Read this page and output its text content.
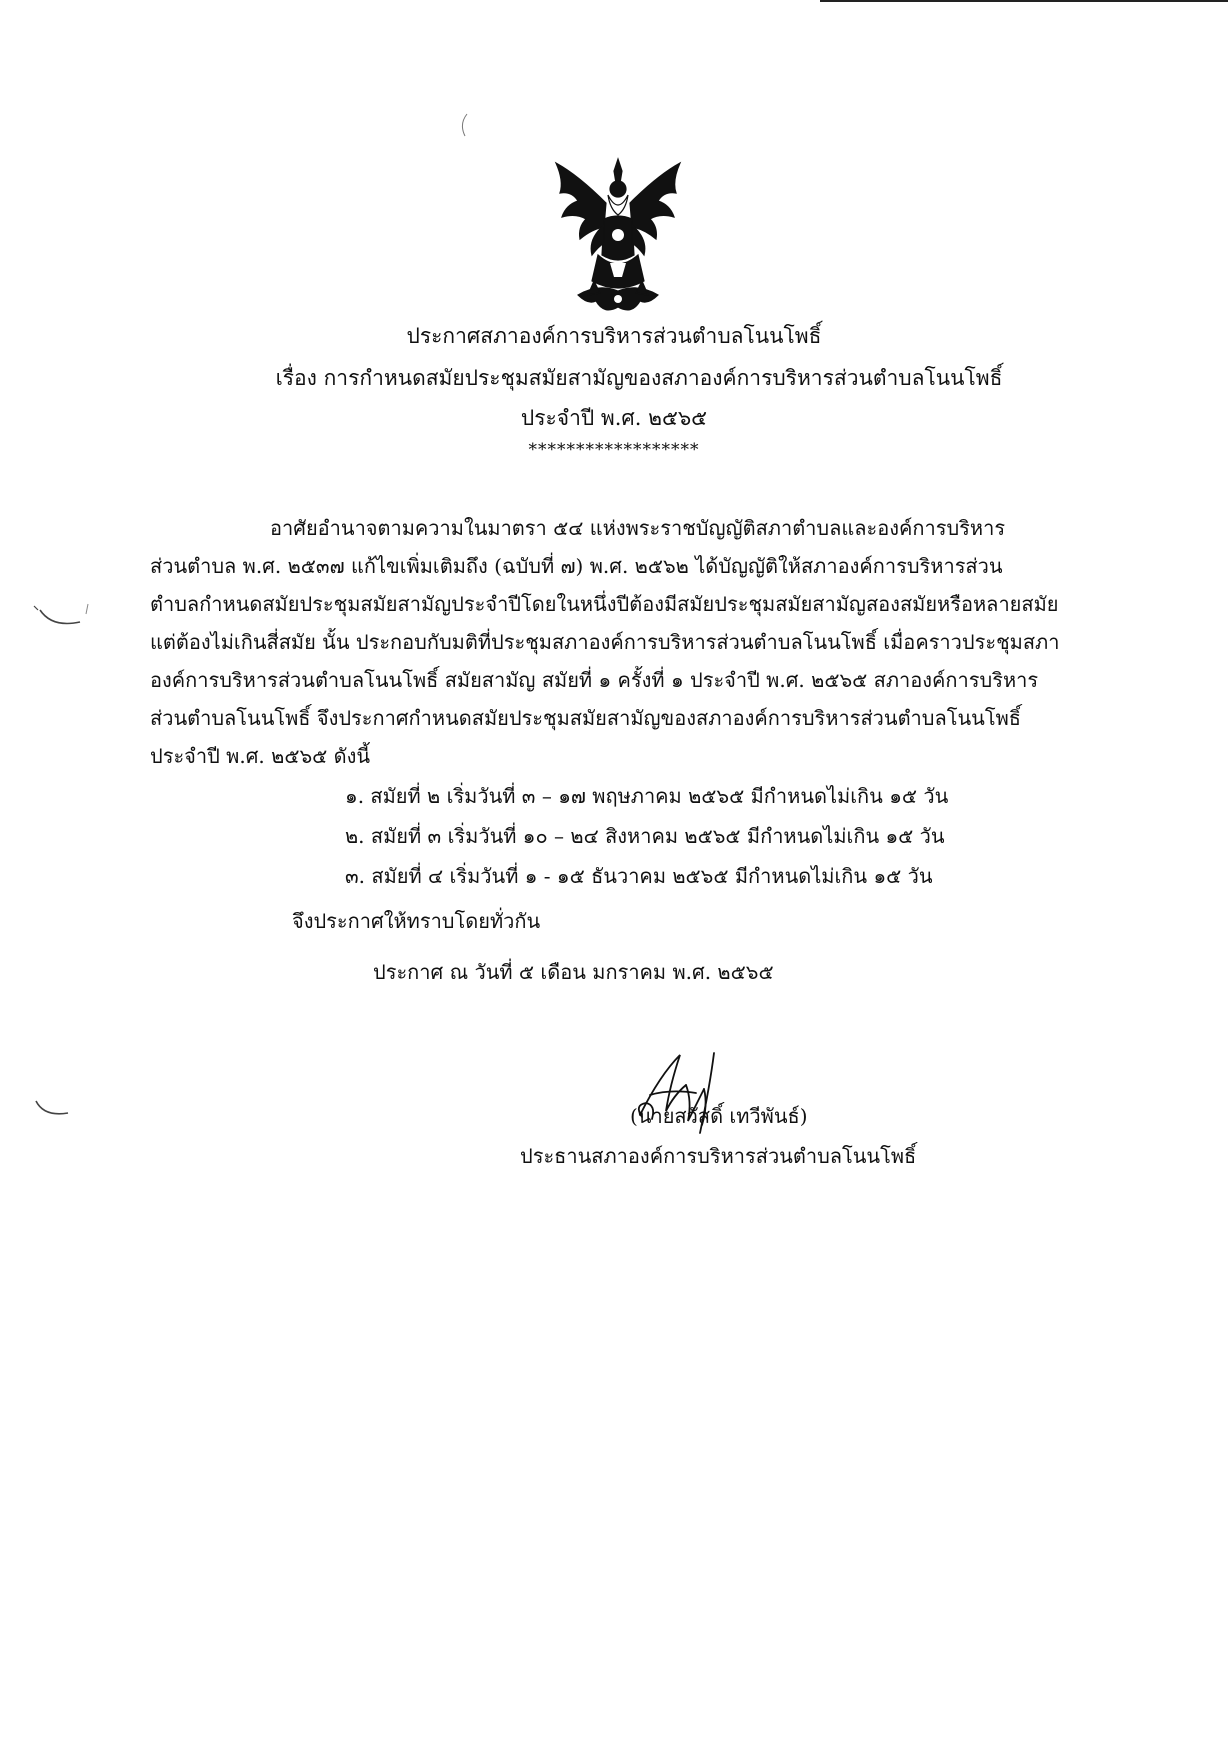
ประกาศสภาองค์การบริหารส่วนตำบลโนนโพธิ์
เรื่อง การกำหนดสมัยประชุมสมัยสามัญของสภาองค์การบริหารส่วนตำบลโนนโพธิ์
ประจำปี พ.ศ. ๒๕๖๕
******************
อาศัยอำนาจตามความในมาตรา ๕๔ แห่งพระราชบัญญัติสภาตำบลและองค์การบริหาร
ส่วนตำบล พ.ศ. ๒๕๓๗ แก้ไขเพิ่มเติมถึง (ฉบับที่ ๗) พ.ศ. ๒๕๖๒ ได้บัญญัติให้สภาองค์การบริหารส่วน
ตำบลกำหนดสมัยประชุมสมัยสามัญประจำปีโดยในหนึ่งปีต้องมีสมัยประชุมสมัยสามัญสองสมัยหรือหลายสมัย
แต่ต้องไม่เกินสี่สมัย นั้น ประกอบกับมติที่ประชุมสภาองค์การบริหารส่วนตำบลโนนโพธิ์ เมื่อคราวประชุมสภา
องค์การบริหารส่วนตำบลโนนโพธิ์ สมัยสามัญ สมัยที่ ๑ ครั้งที่ ๑ ประจำปี พ.ศ. ๒๕๖๕ สภาองค์การบริหาร
ส่วนตำบลโนนโพธิ์ จึงประกาศกำหนดสมัยประชุมสมัยสามัญของสภาองค์การบริหารส่วนตำบลโนนโพธิ์
ประจำปี พ.ศ. ๒๕๖๕ ดังนี้
๑. สมัยที่ ๒ เริ่มวันที่ ๓ – ๑๗ พฤษภาคม ๒๕๖๕ มีกำหนดไม่เกิน ๑๕ วัน
๒. สมัยที่ ๓ เริ่มวันที่ ๑๐ – ๒๔ สิงหาคม ๒๕๖๕ มีกำหนดไม่เกิน ๑๕ วัน
๓. สมัยที่ ๔ เริ่มวันที่ ๑ - ๑๕ ธันวาคม ๒๕๖๕ มีกำหนดไม่เกิน ๑๕ วัน
จึงประกาศให้ทราบโดยทั่วกัน
ประกาศ ณ วันที่ ๕ เดือน มกราคม พ.ศ. ๒๕๖๕
(นายสวัสดิ์ เทวีพันธ์)
ประธานสภาองค์การบริหารส่วนตำบลโนนโพธิ์
